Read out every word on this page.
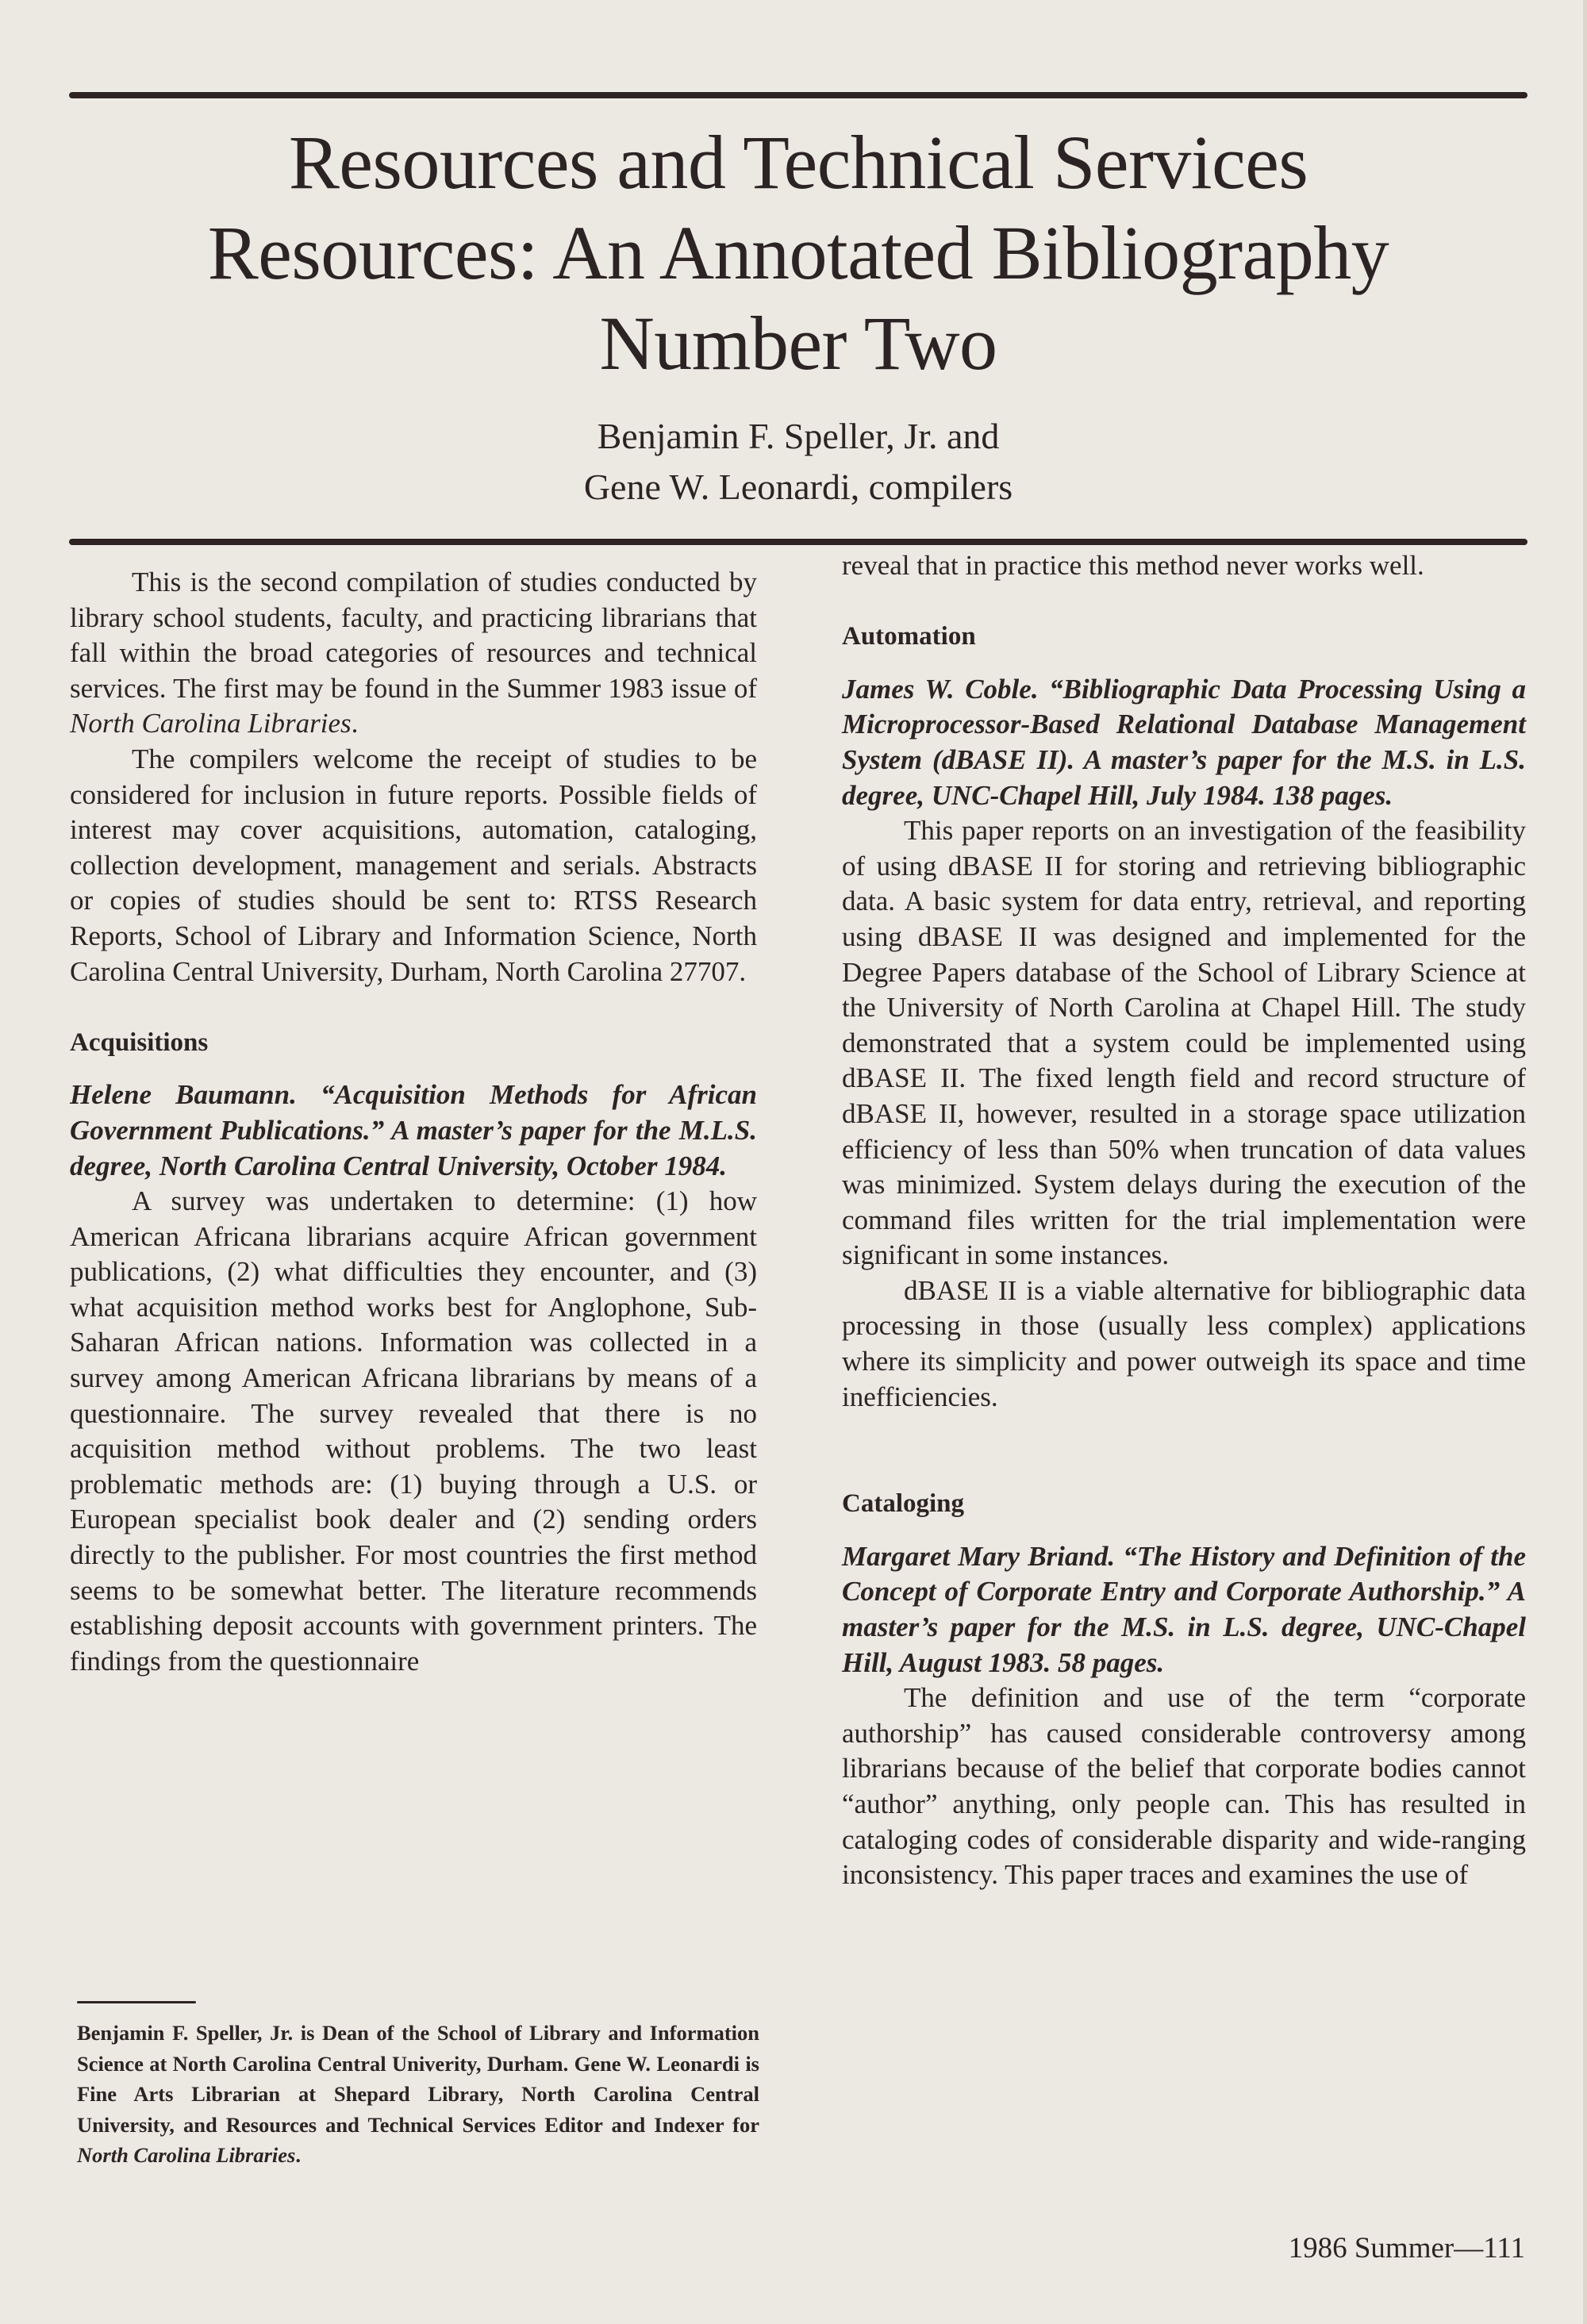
Resources and Technical Services
Resources: An Annotated Bibliography
Number Two
Benjamin F. Speller, Jr. and
Gene W. Leonardi, compilers

This is the second compilation of studies conducted by library school students, faculty, and practicing librarians that fall within the broad categories of resources and technical services. The first may be found in the Summer 1983 issue of North Carolina Libraries.

The compilers welcome the receipt of studies to be considered for inclusion in future reports. Possible fields of interest may cover acquisitions, automation, cataloging, collection development, management and serials. Abstracts or copies of studies should be sent to: RTSS Research Reports, School of Library and Information Science, North Carolina Central University, Durham, North Carolina 27707.

Acquisitions

Helene Baumann. “Acquisition Methods for African Government Publications.” A master’s paper for the M.L.S. degree, North Carolina Central University, October 1984.

A survey was undertaken to determine: (1) how American Africana librarians acquire African government publications, (2) what difficulties they encounter, and (3) what acquisition method works best for Anglophone, Sub-Saharan African nations. Information was collected in a survey among American Africana librarians by means of a questionnaire. The survey revealed that there is no acquisition method without problems. The two least problematic methods are: (1) buying through a U.S. or European specialist book dealer and (2) sending orders directly to the publisher. For most countries the first method seems to be somewhat better. The literature recommends establishing deposit accounts with government printers. The findings from the questionnaire

Benjamin F. Speller, Jr. is Dean of the School of Library and Information Science at North Carolina Central Univerity, Durham. Gene W. Leonardi is Fine Arts Librarian at Shepard Library, North Carolina Central University, and Resources and Technical Services Editor and Indexer for North Carolina Libraries.

reveal that in practice this method never works well.

Automation

James W. Coble. “Bibliographic Data Processing Using a Microprocessor-Based Relational Database Management System (dBASE II). A master’s paper for the M.S. in L.S. degree, UNC-Chapel Hill, July 1984. 138 pages.

This paper reports on an investigation of the feasibility of using dBASE II for storing and retrieving bibliographic data. A basic system for data entry, retrieval, and reporting using dBASE II was designed and implemented for the Degree Papers database of the School of Library Science at the University of North Carolina at Chapel Hill. The study demonstrated that a system could be implemented using dBASE II. The fixed length field and record structure of dBASE II, however, resulted in a storage space utilization efficiency of less than 50% when truncation of data values was minimized. System delays during the execution of the command files written for the trial implementation were significant in some instances.

dBASE II is a viable alternative for bibliographic data processing in those (usually less complex) applications where its simplicity and power outweigh its space and time inefficiencies.

Cataloging

Margaret Mary Briand. “The History and Definition of the Concept of Corporate Entry and Corporate Authorship.” A master’s paper for the M.S. in L.S. degree, UNC-Chapel Hill, August 1983. 58 pages.

The definition and use of the term “corporate authorship” has caused considerable controversy among librarians because of the belief that corporate bodies cannot “author” anything, only people can. This has resulted in cataloging codes of considerable disparity and wide-ranging inconsistency. This paper traces and examines the use of

1986 Summer—111
